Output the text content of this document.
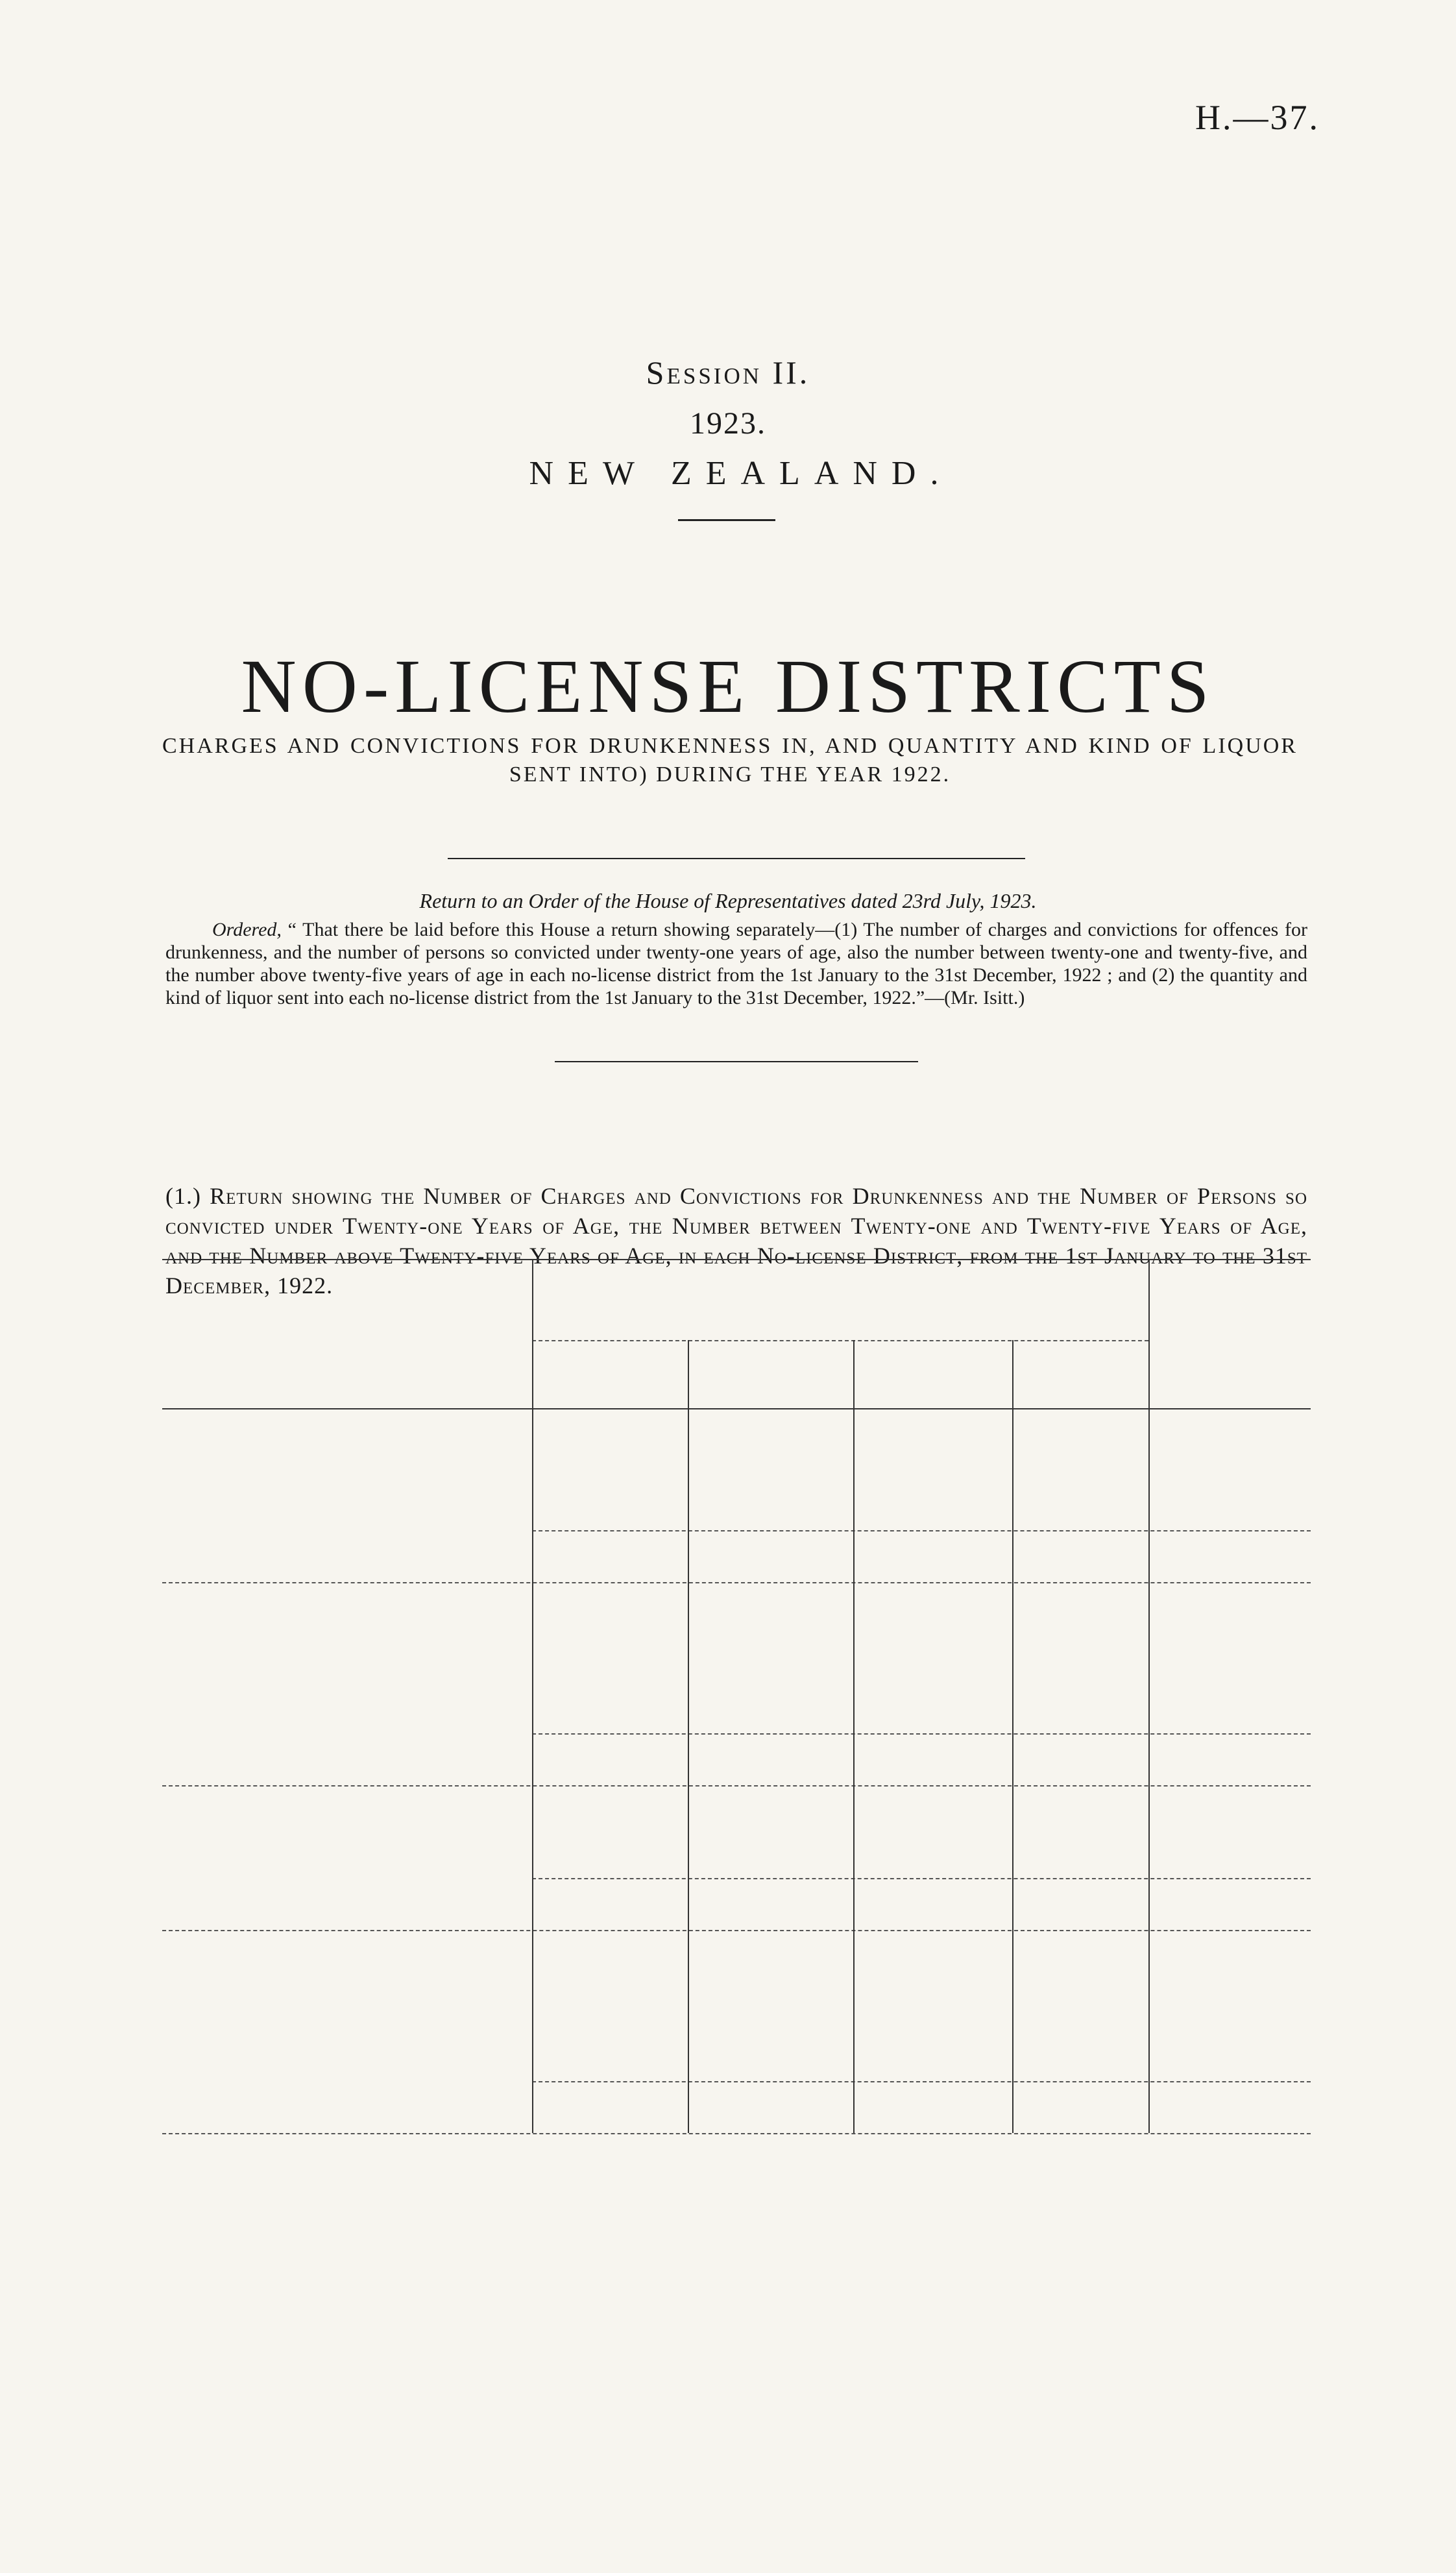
H.—37.
Session II.
1923.
NEW ZEALAND.
NO-LICENSE DISTRICTS
CHARGES AND CONVICTIONS FOR DRUNKENNESS IN, AND QUANTITY AND KIND OF LIQUOR SENT INTO) DURING THE YEAR 1922.
Return to an Order of the House of Representatives dated 23rd July, 1923.
Ordered, “ That there be laid before this House a return showing separately—(1) The number of charges and convictions for offences for drunkenness, and the number of persons so convicted under twenty-one years of age, also the number between twenty-one and twenty-five, and the number above twenty-five years of age in each no-license district from the 1st January to the 31st December, 1922 ; and (2) the quantity and kind of liquor sent into each no-license district from the 1st January to the 31st December, 1922.”—(Mr. Isitt.)
(1.) Return showing the Number of Charges and Convictions for Drunkenness and the Number of Persons so convicted under Twenty-one Years of Age, the Number between Twenty-one and Twenty-five Years of Age, and the Number above Twenty-five Years of Age, in each No-license District, from the 1st January to the 31st December, 1922.
